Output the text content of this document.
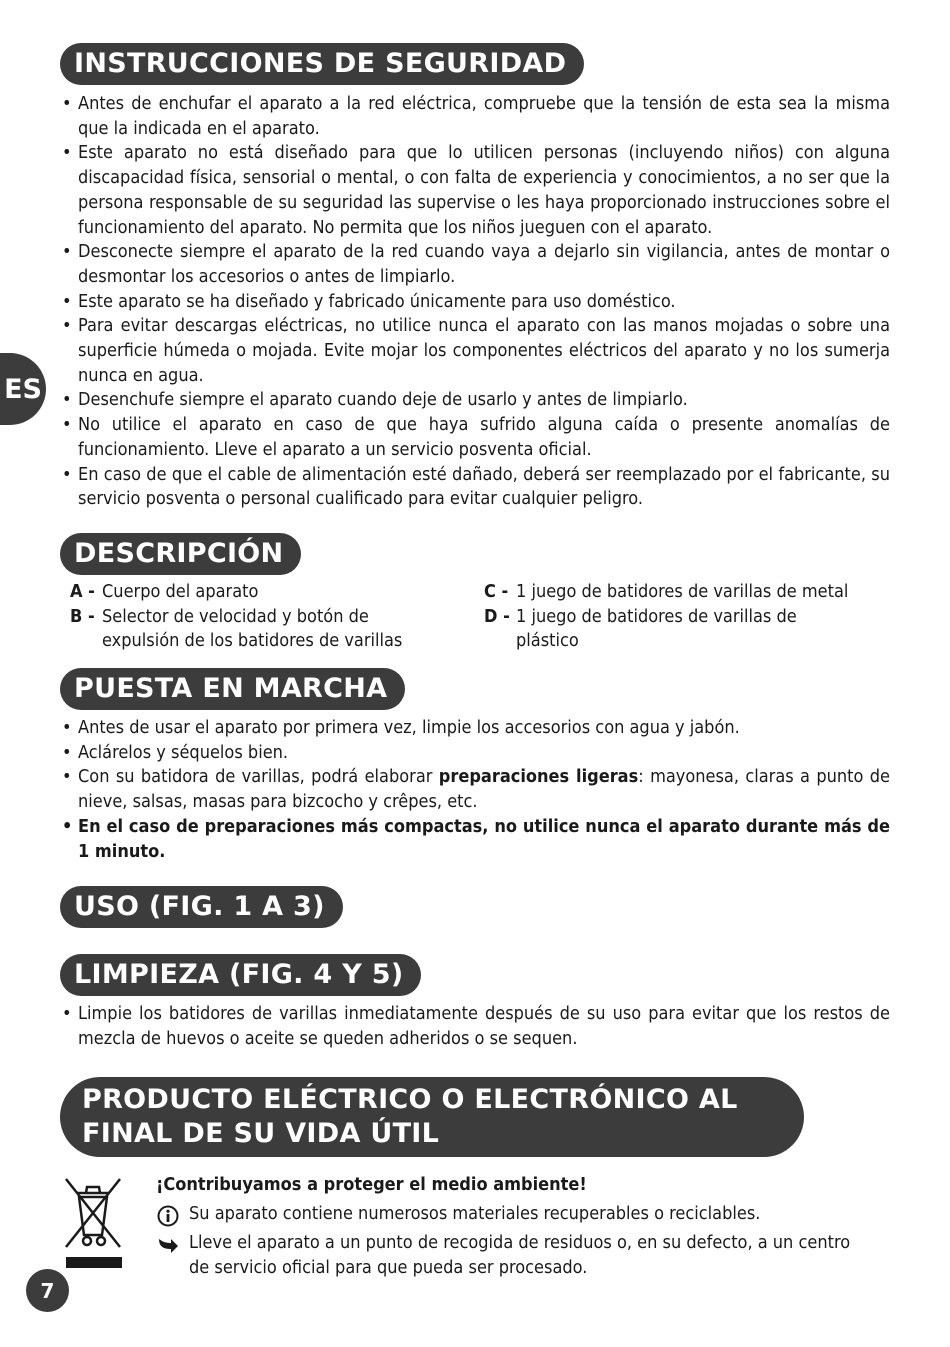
ES
INSTRUCCIONES DE SEGURIDAD
• Antes de enchufar el aparato a la red eléctrica, compruebe que la tensión de esta sea la misma que la indicada en el aparato.
• Este aparato no está diseñado para que lo utilicen personas (incluyendo niños) con alguna discapacidad física, sensorial o mental, o con falta de experiencia y conocimientos, a no ser que la persona responsable de su seguridad las supervise o les haya proporcionado instrucciones sobre el funcionamiento del aparato. No permita que los niños jueguen con el aparato.
• Desconecte siempre el aparato de la red cuando vaya a dejarlo sin vigilancia, antes de montar o desmontar los accesorios o antes de limpiarlo.
• Este aparato se ha diseñado y fabricado únicamente para uso doméstico.
• Para evitar descargas eléctricas, no utilice nunca el aparato con las manos mojadas o sobre una superficie húmeda o mojada. Evite mojar los componentes eléctricos del aparato y no los sumerja nunca en agua.
• Desenchufe siempre el aparato cuando deje de usarlo y antes de limpiarlo.
• No utilice el aparato en caso de que haya sufrido alguna caída o presente anomalías de funcionamiento. Lleve el aparato a un servicio posventa oficial.
• En caso de que el cable de alimentación esté dañado, deberá ser reemplazado por el fabricante, su servicio posventa o personal cualificado para evitar cualquier peligro.
DESCRIPCIÓN
A - Cuerpo del aparato
B - Selector de velocidad y botón de expulsión de los batidores de varillas
C - 1 juego de batidores de varillas de metal
D - 1 juego de batidores de varillas de plástico
PUESTA EN MARCHA
• Antes de usar el aparato por primera vez, limpie los accesorios con agua y jabón.
• Aclárelos y séquelos bien.
• Con su batidora de varillas, podrá elaborar preparaciones ligeras: mayonesa, claras a punto de nieve, salsas, masas para bizcocho y crêpes, etc.
• En el caso de preparaciones más compactas, no utilice nunca el aparato durante más de 1 minuto.
USO (FIG. 1 A 3)
LIMPIEZA (FIG. 4 Y 5)
• Limpie los batidores de varillas inmediatamente después de su uso para evitar que los restos de mezcla de huevos o aceite se queden adheridos o se sequen.
PRODUCTO ELÉCTRICO O ELECTRÓNICO AL FINAL DE SU VIDA ÚTIL
¡Contribuyamos a proteger el medio ambiente!
Su aparato contiene numerosos materiales recuperables o reciclables.
Lleve el aparato a un punto de recogida de residuos o, en su defecto, a un centro de servicio oficial para que pueda ser procesado.
7
